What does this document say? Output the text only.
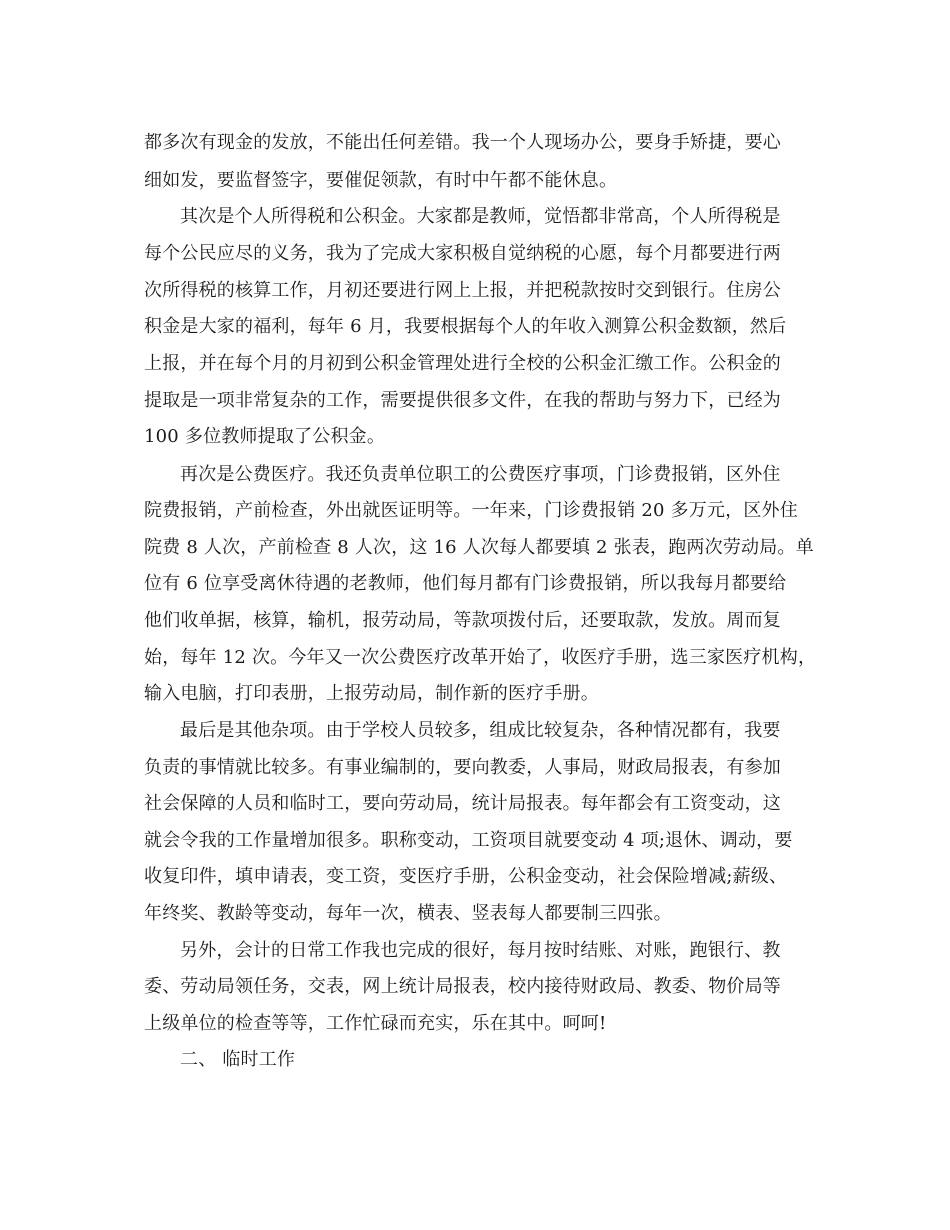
都多次有现金的发放，不能出任何差错。我一个人现场办公，要身手矫捷，要心
细如发，要监督签字，要催促领款，有时中午都不能休息。
其次是个人所得税和公积金。大家都是教师，觉悟都非常高，个人所得税是
每个公民应尽的义务，我为了完成大家积极自觉纳税的心愿，每个月都要进行两
次所得税的核算工作，月初还要进行网上上报，并把税款按时交到银行。住房公
积金是大家的福利，每年 6 月，我要根据每个人的年收入测算公积金数额，然后
上报，并在每个月的月初到公积金管理处进行全校的公积金汇缴工作。公积金的
提取是一项非常复杂的工作，需要提供很多文件，在我的帮助与努力下，已经为
100 多位教师提取了公积金。
再次是公费医疗。我还负责单位职工的公费医疗事项，门诊费报销，区外住
院费报销，产前检查，外出就医证明等。一年来，门诊费报销 20 多万元，区外住
院费 8 人次，产前检查 8 人次，这 16 人次每人都要填 2 张表，跑两次劳动局。单
位有 6 位享受离休待遇的老教师，他们每月都有门诊费报销，所以我每月都要给
他们收单据，核算，输机，报劳动局，等款项拨付后，还要取款，发放。周而复
始，每年 12 次。今年又一次公费医疗改革开始了，收医疗手册，选三家医疗机构，
输入电脑，打印表册，上报劳动局，制作新的医疗手册。
最后是其他杂项。由于学校人员较多，组成比较复杂，各种情况都有，我要
负责的事情就比较多。有事业编制的，要向教委，人事局，财政局报表，有参加
社会保障的人员和临时工，要向劳动局，统计局报表。每年都会有工资变动，这
就会令我的工作量增加很多。职称变动，工资项目就要变动 4 项;退休、调动，要
收复印件，填申请表，变工资，变医疗手册，公积金变动，社会保险增减;薪级、
年终奖、教龄等变动，每年一次，横表、竖表每人都要制三四张。
另外，会计的日常工作我也完成的很好，每月按时结账、对账，跑银行、教
委、劳动局领任务，交表，网上统计局报表，校内接待财政局、教委、物价局等
上级单位的检查等等，工作忙碌而充实，乐在其中。呵呵!
二、 临时工作
